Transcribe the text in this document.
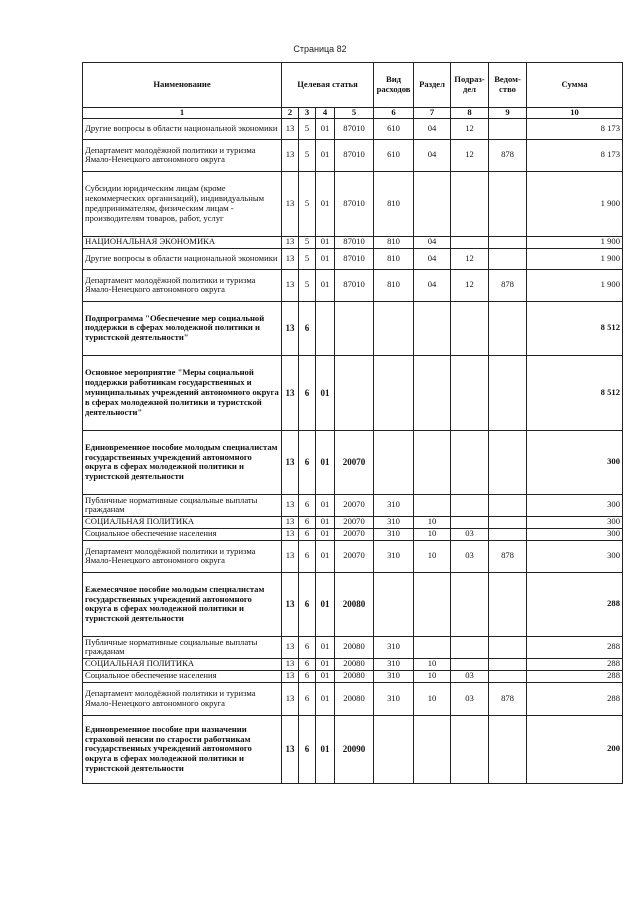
Страница 82
Наименование	Целевая статья				Вид расходов	Раздел	Подраз-дел	Ведом-ство	Сумма
1	2	3	4	5	6	7	8	9	10
Другие вопросы в области национальной экономики	13	5	01	87010	610	04	12		8 173
Департамент молодёжной политики и туризма Ямало-Ненецкого автономного округа	13	5	01	87010	610	04	12	878	8 173
Субсидии юридическим лицам (кроме некоммерческих организаций), индивидуальным предпринимателям, физическим лицам - производителям товаров, работ, услуг	13	5	01	87010	810				1 900
НАЦИОНАЛЬНАЯ ЭКОНОМИКА	13	5	01	87010	810	04			1 900
Другие вопросы в области национальной экономики	13	5	01	87010	810	04	12		1 900
Департамент молодёжной политики и туризма Ямало-Ненецкого автономного округа	13	5	01	87010	810	04	12	878	1 900
Подпрограмма "Обеспечение мер социальной поддержки в сферах молодежной политики и туристской деятельности"	13	6							8 512
Основное мероприятие "Меры социальной поддержки работникам государственных и муниципальных учреждений автономного округа в сферах молодежной политики и туристской деятельности"	13	6	01						8 512
Единовременное пособие молодым специалистам государственных учреждений автономного округа в сферах молодежной политики и туристской деятельности	13	6	01	20070					300
Публичные нормативные социальные выплаты гражданам	13	6	01	20070	310				300
СОЦИАЛЬНАЯ ПОЛИТИКА	13	6	01	20070	310	10			300
Социальное обеспечение населения	13	6	01	20070	310	10	03		300
Департамент молодёжной политики и туризма Ямало-Ненецкого автономного округа	13	6	01	20070	310	10	03	878	300
Ежемесячное пособие молодым специалистам государственных учреждений автономного округа в сферах молодежной политики и туристской деятельности	13	6	01	20080					288
Публичные нормативные социальные выплаты гражданам	13	6	01	20080	310				288
СОЦИАЛЬНАЯ ПОЛИТИКА	13	6	01	20080	310	10			288
Социальное обеспечение населения	13	6	01	20080	310	10	03		288
Департамент молодёжной политики и туризма Ямало-Ненецкого автономного округа	13	6	01	20080	310	10	03	878	288
Единовременное пособие при назначении страховой пенсии по старости работникам государственных учреждений автономного округа в сферах молодежной политики и туристской деятельности	13	6	01	20090					200
